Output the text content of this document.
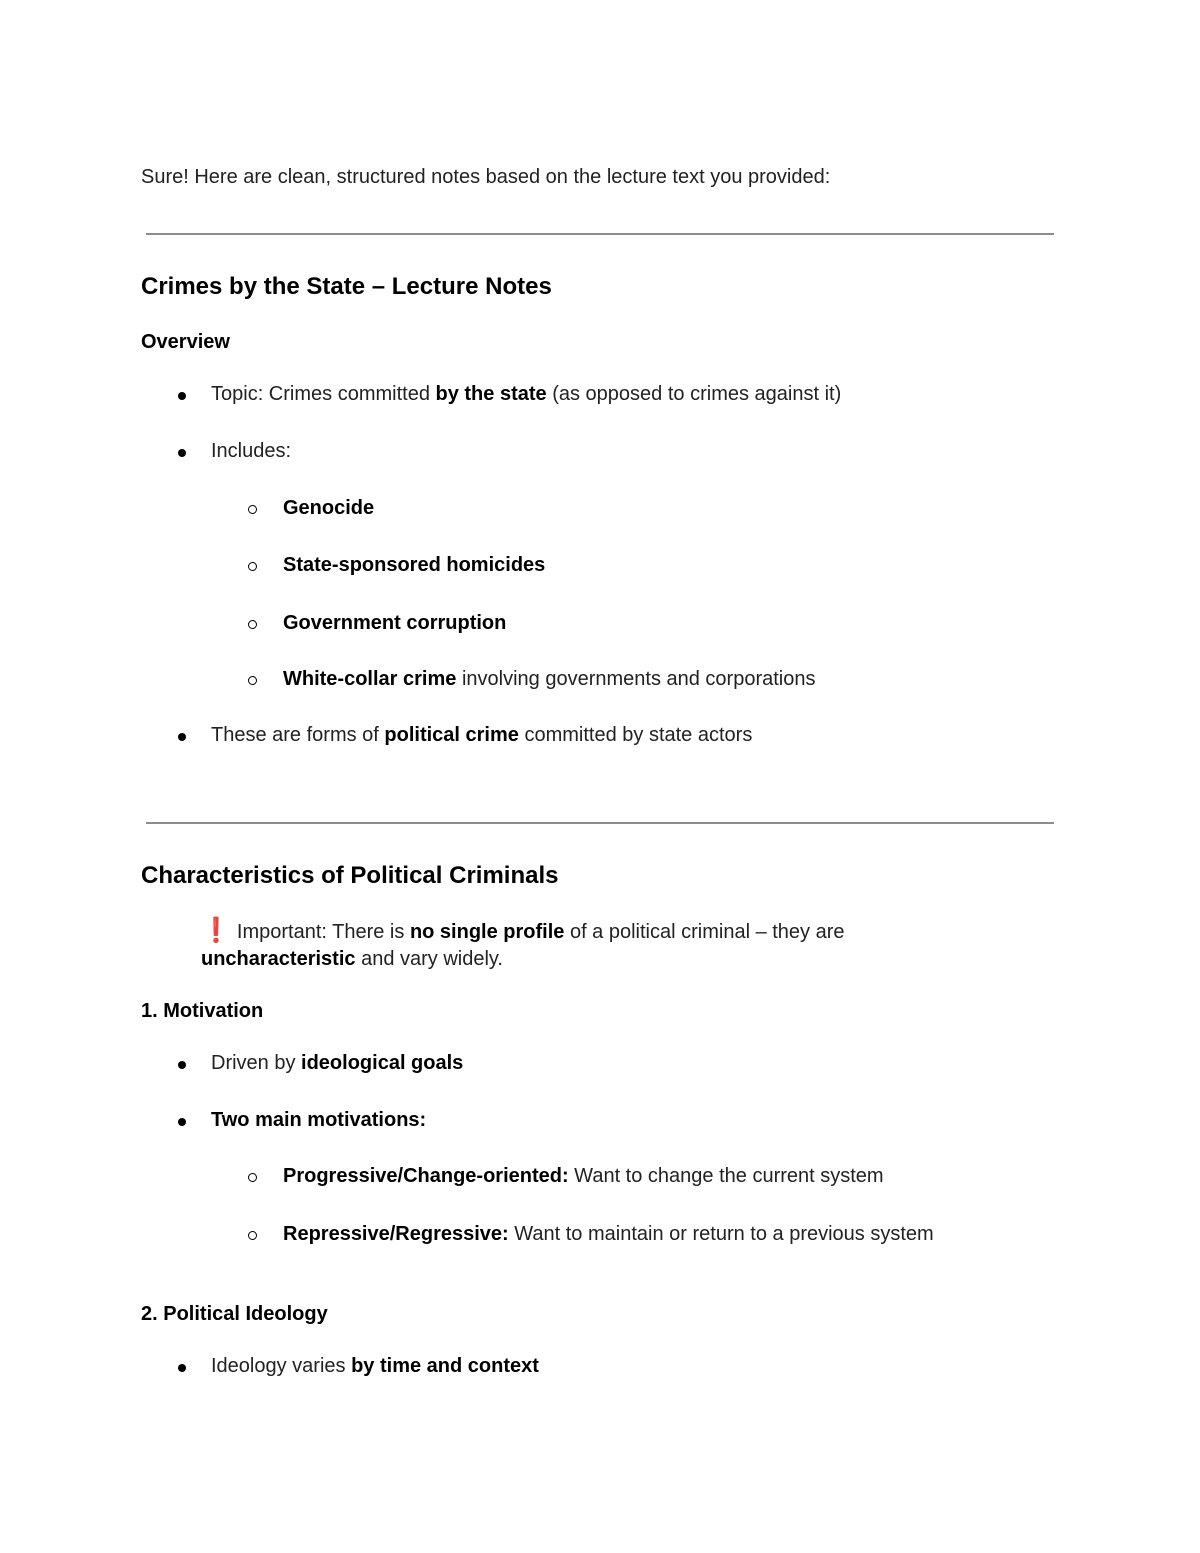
Sure! Here are clean, structured notes based on the lecture text you provided:
Crimes by the State – Lecture Notes
Overview
Topic: Crimes committed by the state (as opposed to crimes against it)
Includes:
Genocide
State-sponsored homicides
Government corruption
White-collar crime involving governments and corporations
These are forms of political crime committed by state actors
Characteristics of Political Criminals
❗ Important: There is no single profile of a political criminal – they are
uncharacteristic and vary widely.
1. Motivation
Driven by ideological goals
Two main motivations:
Progressive/Change-oriented: Want to change the current system
Repressive/Regressive: Want to maintain or return to a previous system
2. Political Ideology
Ideology varies by time and context
